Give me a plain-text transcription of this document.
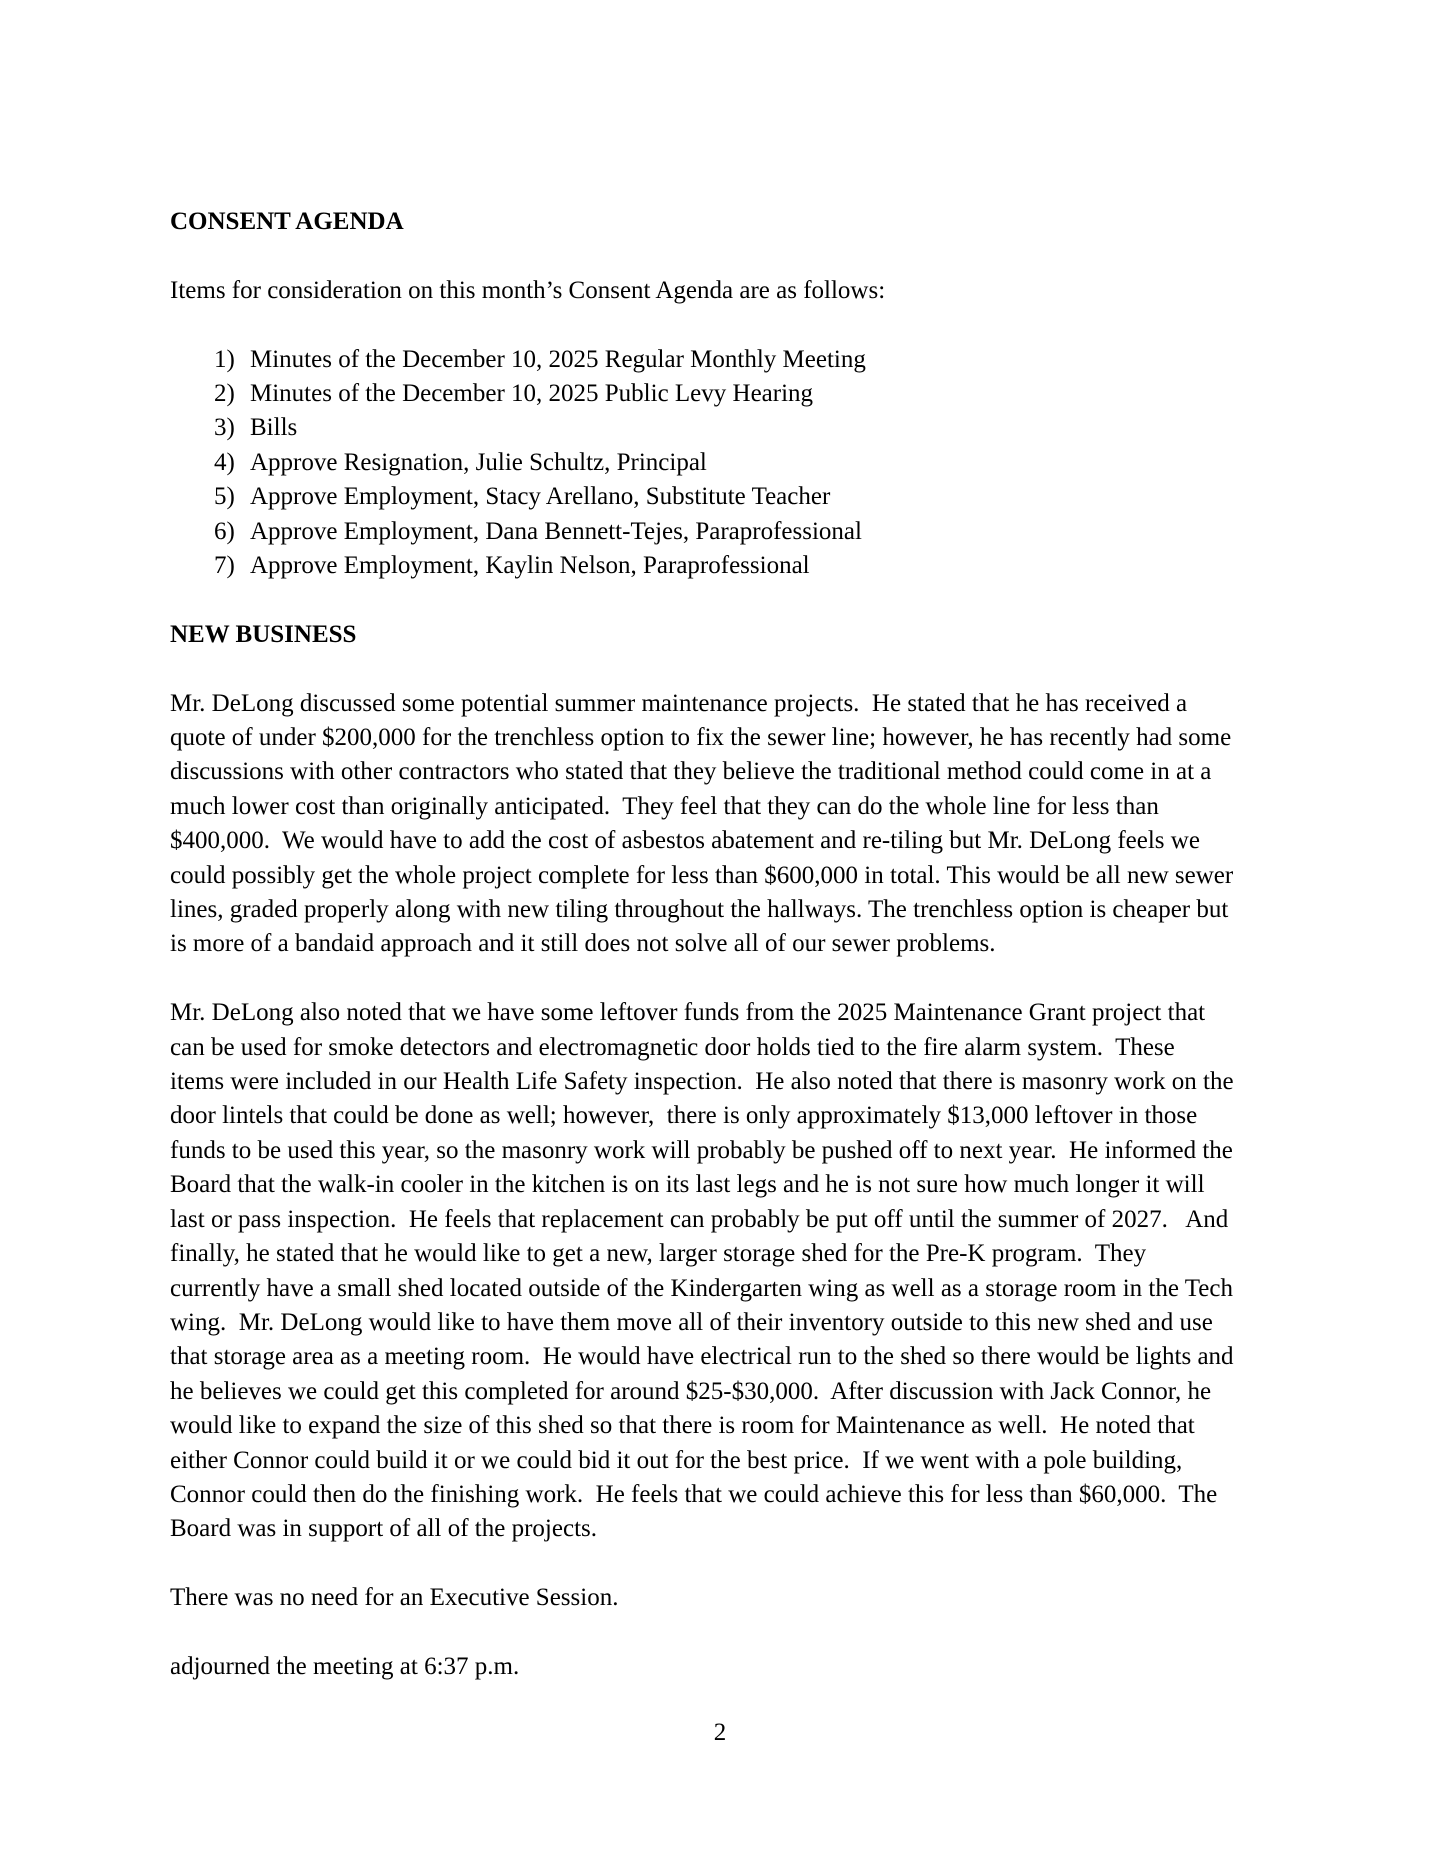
CONSENT AGENDA
Items for consideration on this month’s Consent Agenda are as follows:
1) Minutes of the December 10, 2025 Regular Monthly Meeting
2) Minutes of the December 10, 2025 Public Levy Hearing
3) Bills
4) Approve Resignation, Julie Schultz, Principal
5) Approve Employment, Stacy Arellano, Substitute Teacher
6) Approve Employment, Dana Bennett-Tejes, Paraprofessional
7) Approve Employment, Kaylin Nelson, Paraprofessional
NEW BUSINESS
Mr. DeLong discussed some potential summer maintenance projects.  He stated that he has received a
quote of under $200,000 for the trenchless option to fix the sewer line; however, he has recently had some
discussions with other contractors who stated that they believe the traditional method could come in at a
much lower cost than originally anticipated.  They feel that they can do the whole line for less than
$400,000.  We would have to add the cost of asbestos abatement and re-tiling but Mr. DeLong feels we
could possibly get the whole project complete for less than $600,000 in total. This would be all new sewer
lines, graded properly along with new tiling throughout the hallways. The trenchless option is cheaper but
is more of a bandaid approach and it still does not solve all of our sewer problems.
Mr. DeLong also noted that we have some leftover funds from the 2025 Maintenance Grant project that
can be used for smoke detectors and electromagnetic door holds tied to the fire alarm system.  These
items were included in our Health Life Safety inspection.  He also noted that there is masonry work on the
door lintels that could be done as well; however,  there is only approximately $13,000 leftover in those
funds to be used this year, so the masonry work will probably be pushed off to next year.  He informed the
Board that the walk-in cooler in the kitchen is on its last legs and he is not sure how much longer it will
last or pass inspection.  He feels that replacement can probably be put off until the summer of 2027.   And
finally, he stated that he would like to get a new, larger storage shed for the Pre-K program.  They
currently have a small shed located outside of the Kindergarten wing as well as a storage room in the Tech
wing.  Mr. DeLong would like to have them move all of their inventory outside to this new shed and use
that storage area as a meeting room.  He would have electrical run to the shed so there would be lights and
he believes we could get this completed for around $25-$30,000.  After discussion with Jack Connor, he
would like to expand the size of this shed so that there is room for Maintenance as well.  He noted that
either Connor could build it or we could bid it out for the best price.  If we went with a pole building,
Connor could then do the finishing work.  He feels that we could achieve this for less than $60,000.  The
Board was in support of all of the projects.
There was no need for an Executive Session.
adjourned the meeting at 6:37 p.m.
2
